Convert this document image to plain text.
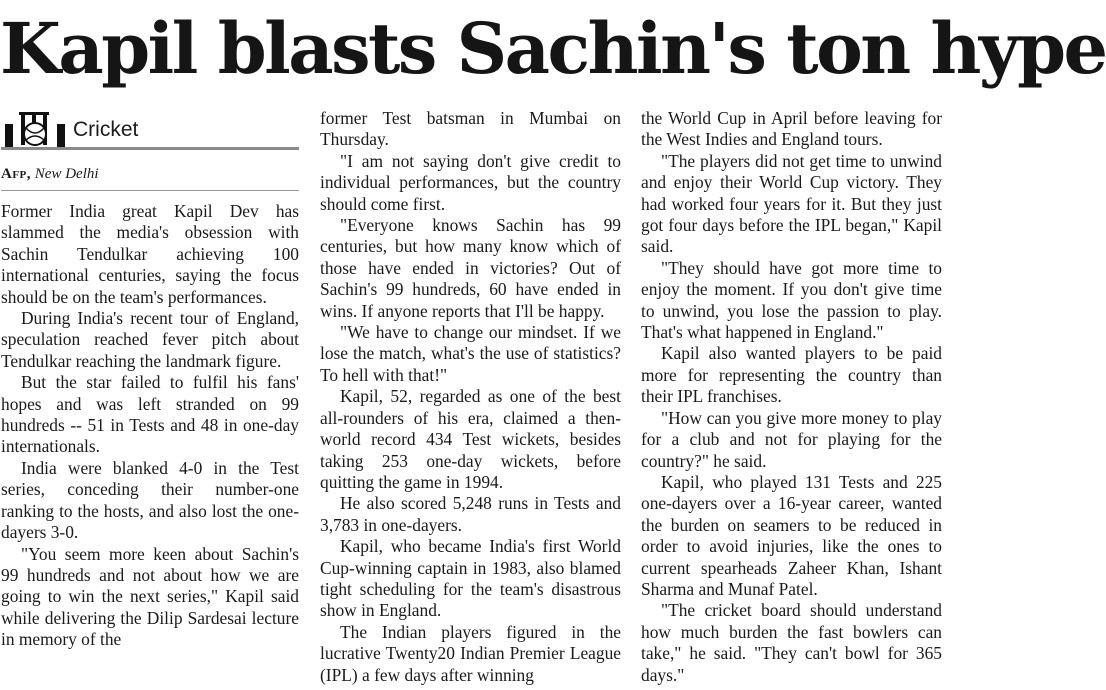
Kapil blasts Sachin's ton hype
Cricket
Afp, New Delhi

Former India great Kapil Dev has slammed the media's obsession with Sachin Tendulkar achieving 100 international centuries, saying the focus should be on the team's performances.

During India's recent tour of England, speculation reached fever pitch about Tendulkar reaching the landmark figure.

But the star failed to fulfil his fans' hopes and was left stranded on 99 hundreds -- 51 in Tests and 48 in one-day internationals.

India were blanked 4-0 in the Test series, conceding their number-one ranking to the hosts, and also lost the one-dayers 3-0.

"You seem more keen about Sachin's 99 hundreds and not about how we are going to win the next series," Kapil said while delivering the Dilip Sardesai lecture in memory of the

former Test batsman in Mumbai on Thursday.

"I am not saying don't give credit to individual performances, but the country should come first.

"Everyone knows Sachin has 99 centuries, but how many know which of those have ended in victories? Out of Sachin's 99 hundreds, 60 have ended in wins. If anyone reports that I'll be happy.

"We have to change our mindset. If we lose the match, what's the use of statistics? To hell with that!"

Kapil, 52, regarded as one of the best all-rounders of his era, claimed a then-world record 434 Test wickets, besides taking 253 one-day wickets, before quitting the game in 1994.

He also scored 5,248 runs in Tests and 3,783 in one-dayers.

Kapil, who became India's first World Cup-winning captain in 1983, also blamed tight scheduling for the team's disastrous show in England.

The Indian players figured in the lucrative Twenty20 Indian Premier League (IPL) a few days after winning

the World Cup in April before leaving for the West Indies and England tours.

"The players did not get time to unwind and enjoy their World Cup victory. They had worked four years for it. But they just got four days before the IPL began," Kapil said.

"They should have got more time to enjoy the moment. If you don't give time to unwind, you lose the passion to play. That's what happened in England."

Kapil also wanted players to be paid more for representing the country than their IPL franchises.

"How can you give more money to play for a club and not for playing for the country?" he said.

Kapil, who played 131 Tests and 225 one-dayers over a 16-year career, wanted the burden on seamers to be reduced in order to avoid injuries, like the ones to current spearheads Zaheer Khan, Ishant Sharma and Munaf Patel.

"The cricket board should understand how much burden the fast bowlers can take," he said. "They can't bowl for 365 days."
